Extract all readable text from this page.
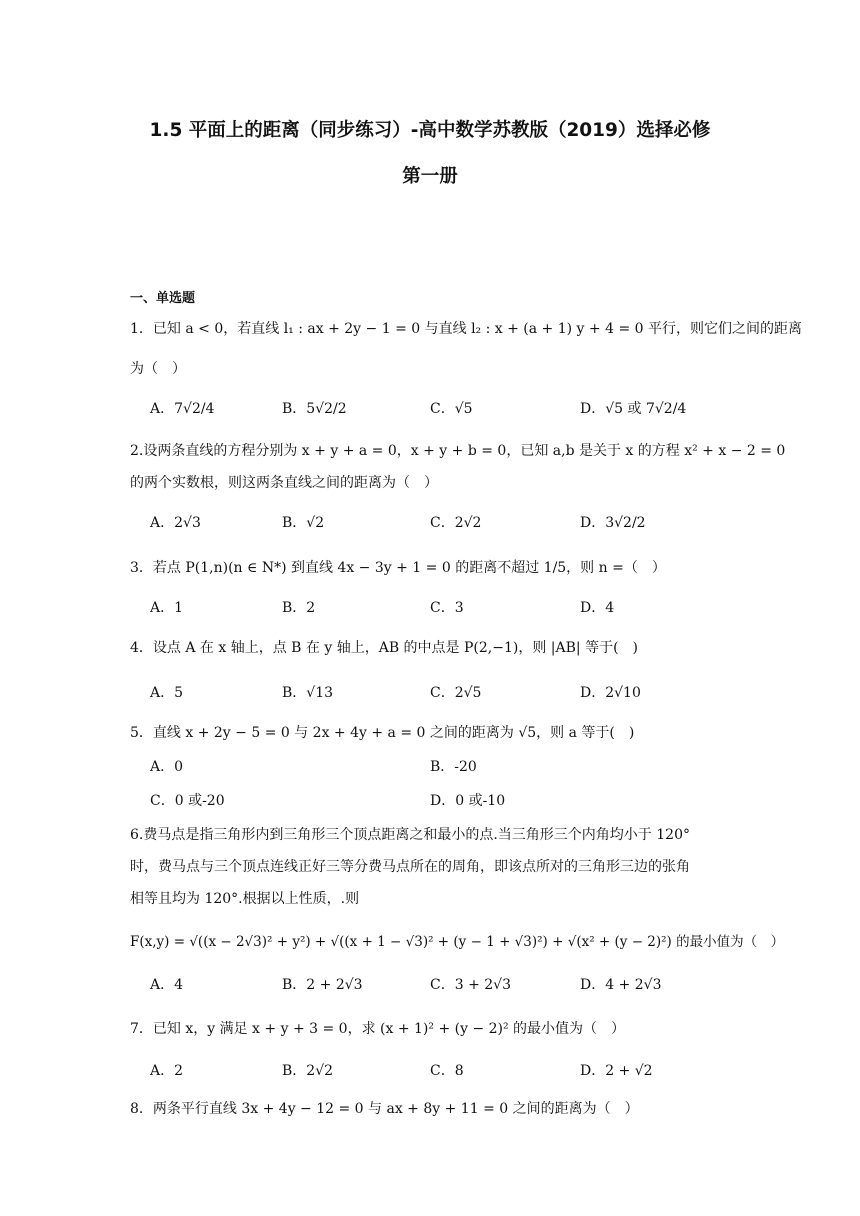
1.5 平面上的距离（同步练习）-高中数学苏教版（2019）选择必修
第一册
一、单选题
1．已知 a < 0，若直线 l₁ : ax + 2y − 1 = 0 与直线 l₂ : x + (a + 1) y + 4 = 0 平行，则它们之间的距离
为（　）
A．7√2/4	B．5√2/2	C．√5	D．√5 或 7√2/4
2.设两条直线的方程分别为 x + y + a = 0，x + y + b = 0，已知 a,b 是关于 x 的方程 x² + x − 2 = 0
的两个实数根，则这两条直线之间的距离为（　）
A．2√3	B．√2	C．2√2	D．3√2/2
3．若点 P(1,n)(n ∈ N*) 到直线 4x − 3y + 1 = 0 的距离不超过 1/5，则 n =（　）
A．1	B．2	C．3	D．4
4．设点 A 在 x 轴上，点 B 在 y 轴上，AB 的中点是 P(2,−1)，则 |AB| 等于(　)
A．5	B．√13	C．2√5	D．2√10
5．直线 x + 2y − 5 = 0 与 2x + 4y + a = 0 之间的距离为 √5，则 a 等于(　)
A．0	B．-20
C．0 或-20	D．0 或-10
6.费马点是指三角形内到三角形三个顶点距离之和最小的点.当三角形三个内角均小于 120°
时，费马点与三个顶点连线正好三等分费马点所在的周角，即该点所对的三角形三边的张角
相等且均为 120°.根据以上性质，.则
F(x,y) = √((x − 2√3)² + y²) + √((x + 1 − √3)² + (y − 1 + √3)²) + √(x² + (y − 2)²) 的最小值为（　）
A．4	B．2 + 2√3	C．3 + 2√3	D．4 + 2√3
7．已知 x，y 满足 x + y + 3 = 0，求 (x + 1)² + (y − 2)² 的最小值为（　）
A．2	B．2√2	C．8	D．2 + √2
8．两条平行直线 3x + 4y − 12 = 0 与 ax + 8y + 11 = 0 之间的距离为（　）
